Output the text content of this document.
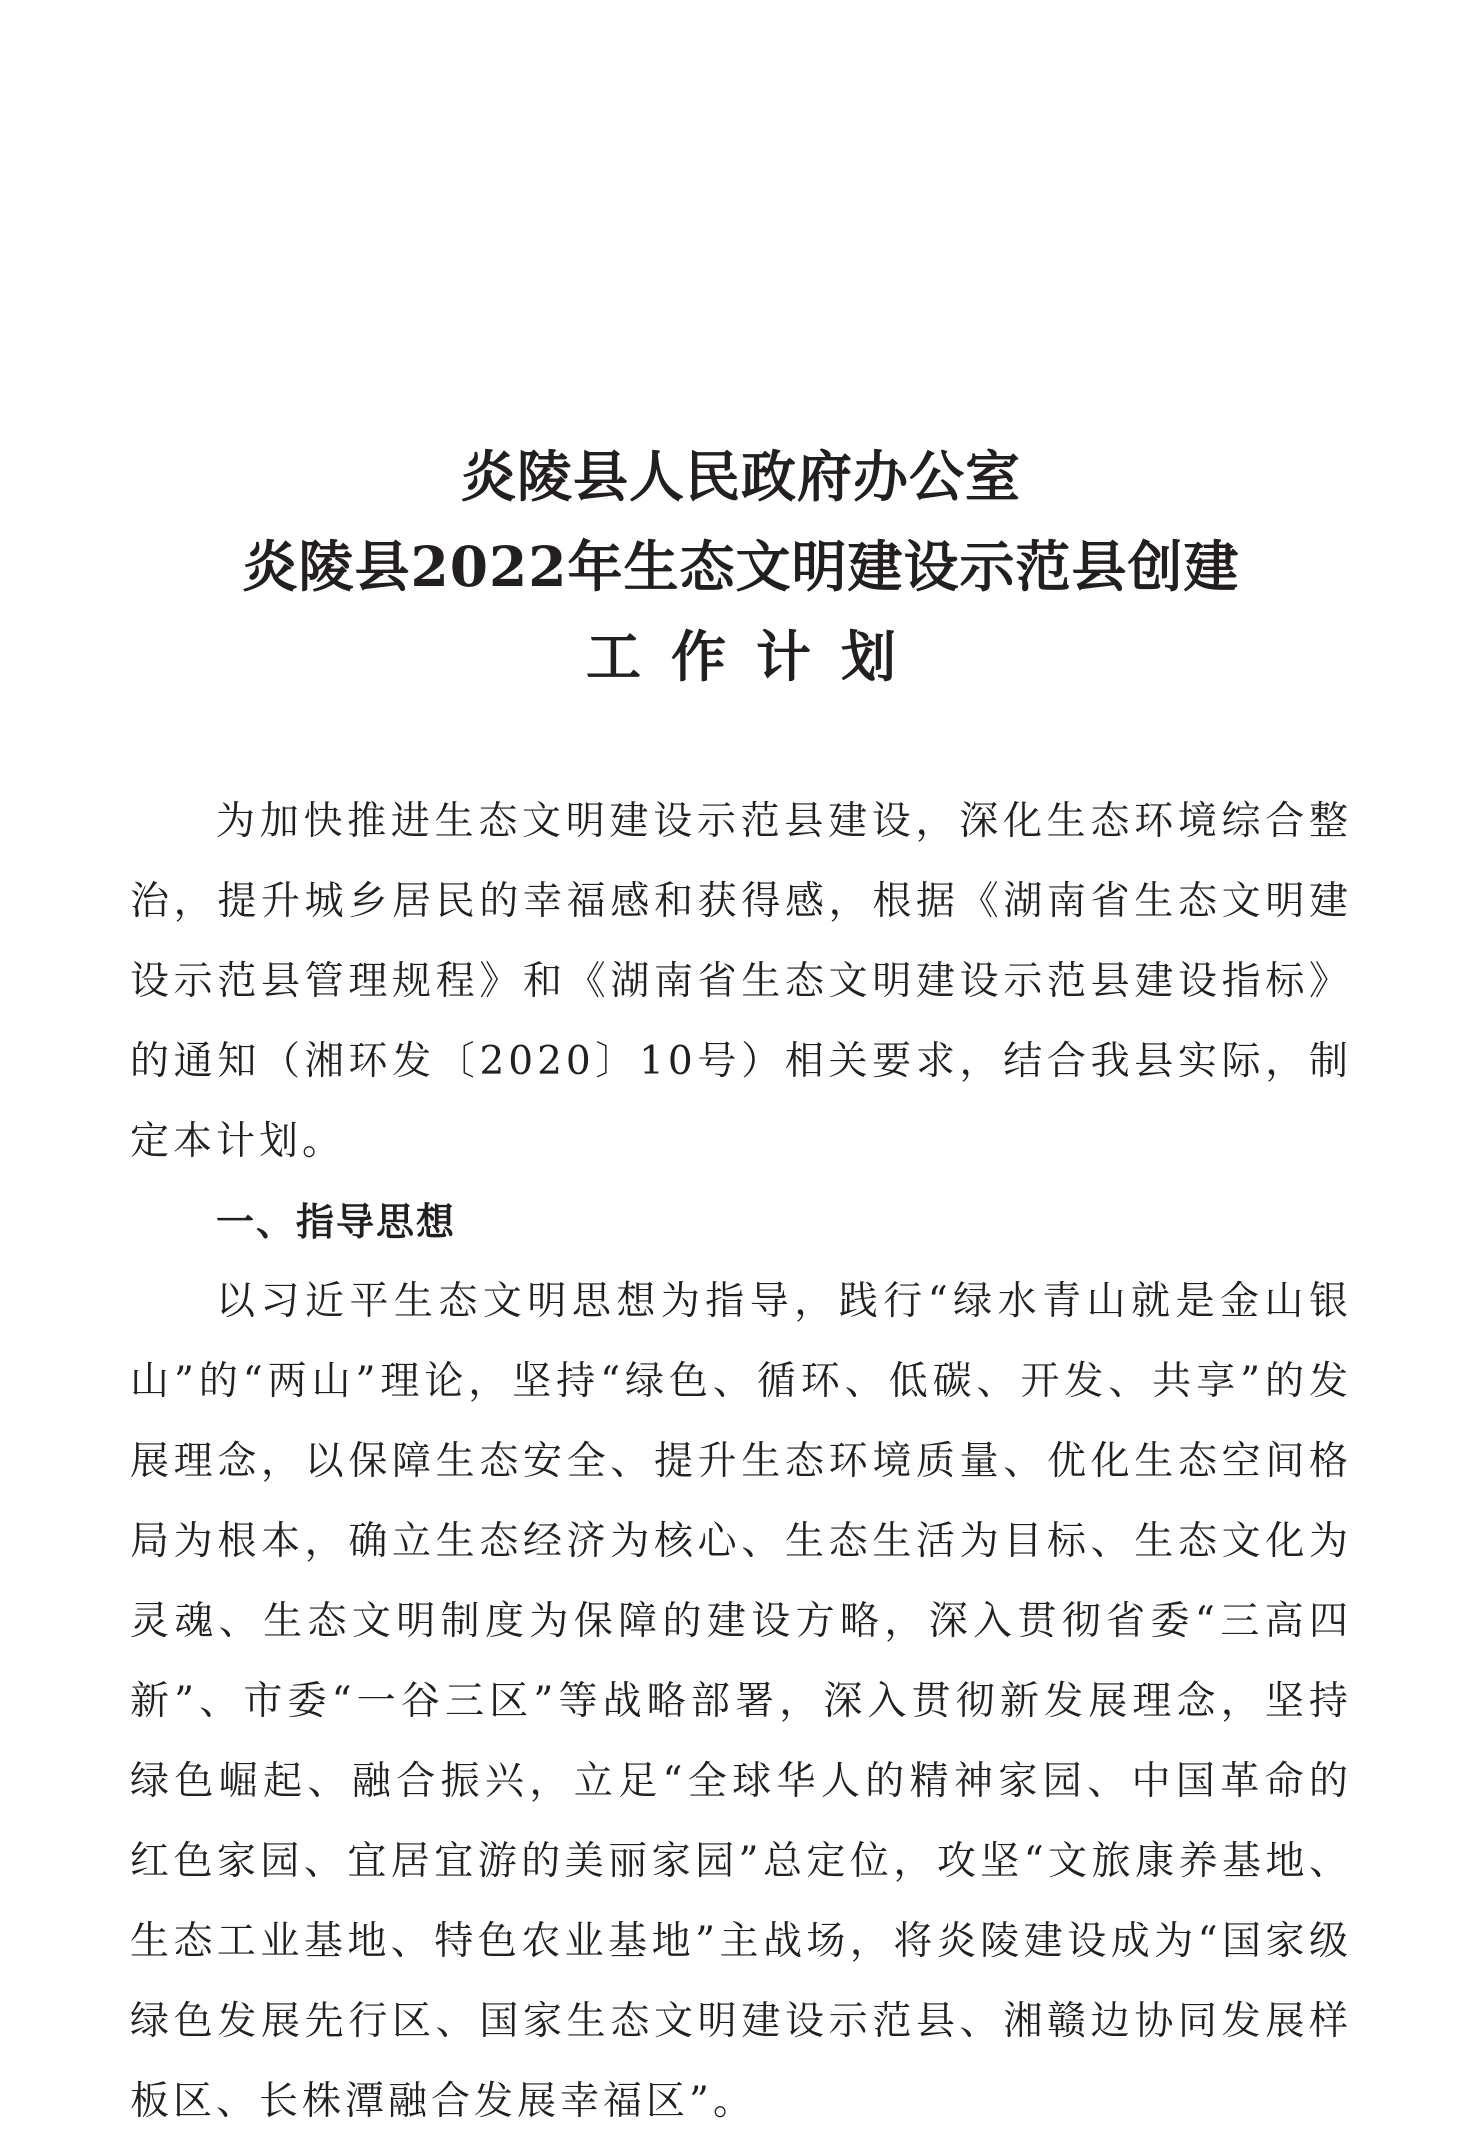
炎陵县人民政府办公室
炎陵县2022年生态文明建设示范县创建
工作计划

为加快推进生态文明建设示范县建设，深化生态环境综合整治，提升城乡居民的幸福感和获得感，根据《湖南省生态文明建设示范县管理规程》和《湖南省生态文明建设示范县建设指标》的通知（湘环发〔2020〕10号）相关要求，结合我县实际，制定本计划。

一、指导思想

以习近平生态文明思想为指导，践行“绿水青山就是金山银山”的“两山”理论，坚持“绿色、循环、低碳、开发、共享”的发展理念，以保障生态安全、提升生态环境质量、优化生态空间格局为根本，确立生态经济为核心、生态生活为目标、生态文化为灵魂、生态文明制度为保障的建设方略，深入贯彻省委“三高四新”、市委“一谷三区”等战略部署，深入贯彻新发展理念，坚持绿色崛起、融合振兴，立足“全球华人的精神家园、中国革命的红色家园、宜居宜游的美丽家园”总定位，攻坚“文旅康养基地、生态工业基地、特色农业基地”主战场，将炎陵建设成为“国家级绿色发展先行区、国家生态文明建设示范县、湘赣边协同发展样板区、长株潭融合发展幸福区”。
